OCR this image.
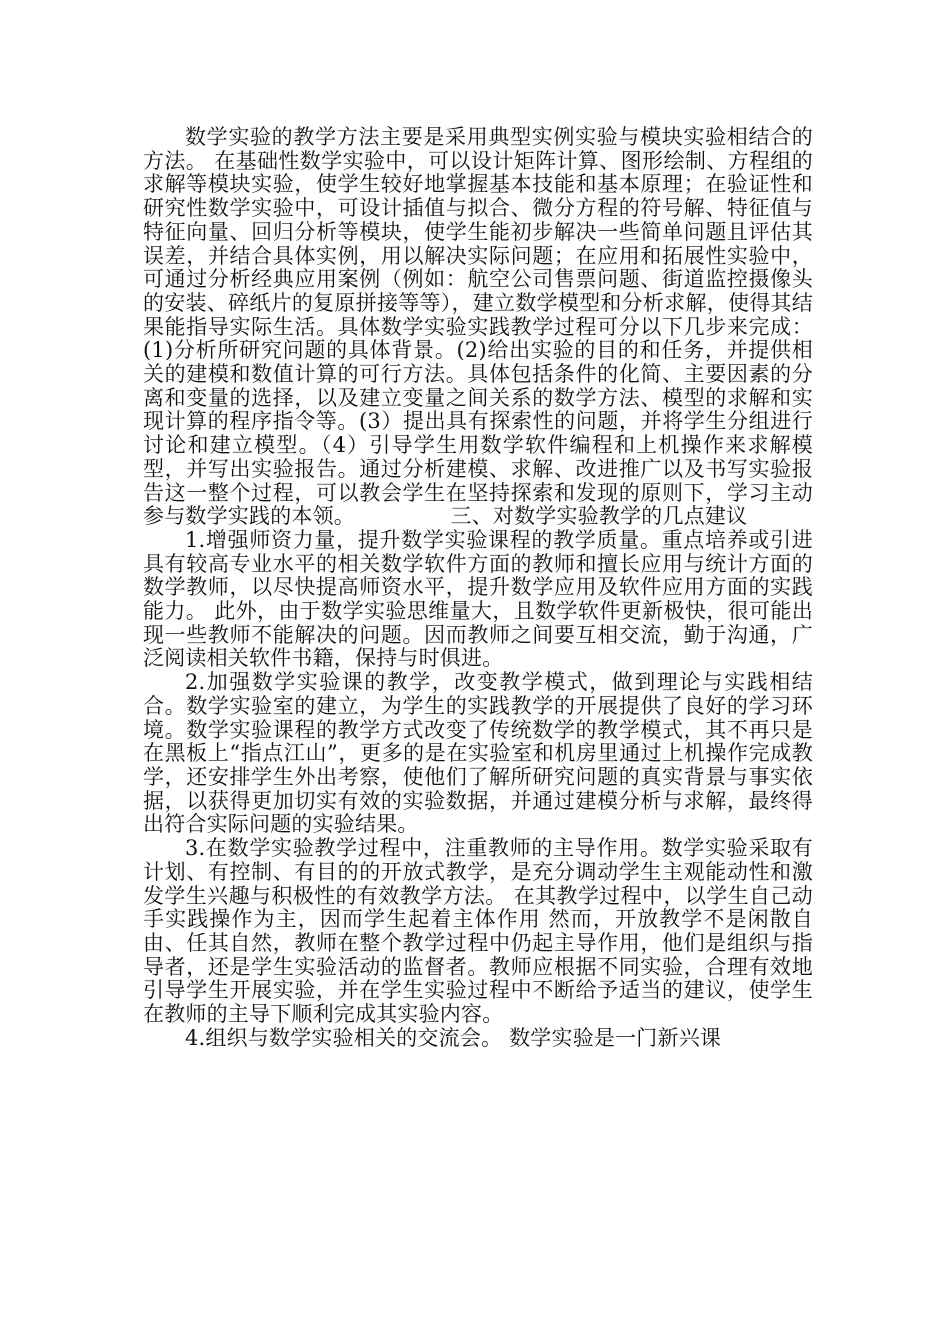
数学实验的教学方法主要是采用典型实例实验与模块实验相结合的方法。 在基础性数学实验中，可以设计矩阵计算、图形绘制、方程组的求解等模块实验，使学生较好地掌握基本技能和基本原理；在验证性和研究性数学实验中，可设计插值与拟合、微分方程的符号解、特征值与特征向量、回归分析等模块，使学生能初步解决一些简单问题且评估其误差，并结合具体实例，用以解决实际问题；在应用和拓展性实验中，可通过分析经典应用案例（例如：航空公司售票问题、街道监控摄像头的安装、碎纸片的复原拼接等等），建立数学模型和分析求解，使得其结果能指导实际生活。具体数学实验实践教学过程可分以下几步来完成：(1)分析所研究问题的具体背景。(2)给出实验的目的和任务，并提供相关的建模和数值计算的可行方法。具体包括条件的化简、主要因素的分离和变量的选择，以及建立变量之间关系的数学方法、模型的求解和实现计算的程序指令等。(3）提出具有探索性的问题，并将学生分组进行讨论和建立模型。（4）引导学生用数学软件编程和上机操作来求解模型，并写出实验报告。通过分析建模、求解、改进推广以及书写实验报告这一整个过程，可以教会学生在坚持探索和发现的原则下，学习主动参与数学实践的本领。　　　　　三、对数学实验教学的几点建议

1.增强师资力量，提升数学实验课程的教学质量。重点培养或引进具有较高专业水平的相关数学软件方面的教师和擅长应用与统计方面的数学教师，以尽快提高师资水平，提升数学应用及软件应用方面的实践能力。 此外，由于数学实验思维量大，且数学软件更新极快，很可能出现一些教师不能解决的问题。因而教师之间要互相交流，勤于沟通，广泛阅读相关软件书籍，保持与时俱进。

2.加强数学实验课的教学，改变教学模式，做到理论与实践相结合。数学实验室的建立，为学生的实践教学的开展提供了良好的学习环境。数学实验课程的教学方式改变了传统数学的教学模式，其不再只是在黑板上“指点江山”，更多的是在实验室和机房里通过上机操作完成教学，还安排学生外出考察，使他们了解所研究问题的真实背景与事实依据，以获得更加切实有效的实验数据，并通过建模分析与求解，最终得出符合实际问题的实验结果。

3.在数学实验教学过程中，注重教师的主导作用。数学实验采取有计划、有控制、有目的的开放式教学，是充分调动学生主观能动性和激发学生兴趣与积极性的有效教学方法。 在其教学过程中，以学生自己动手实践操作为主，因而学生起着主体作用 然而，开放教学不是闲散自由、任其自然，教师在整个教学过程中仍起主导作用，他们是组织与指导者，还是学生实验活动的监督者。教师应根据不同实验，合理有效地引导学生开展实验，并在学生实验过程中不断给予适当的建议，使学生在教师的主导下顺利完成其实验内容。

4.组织与数学实验相关的交流会。 数学实验是一门新兴课
